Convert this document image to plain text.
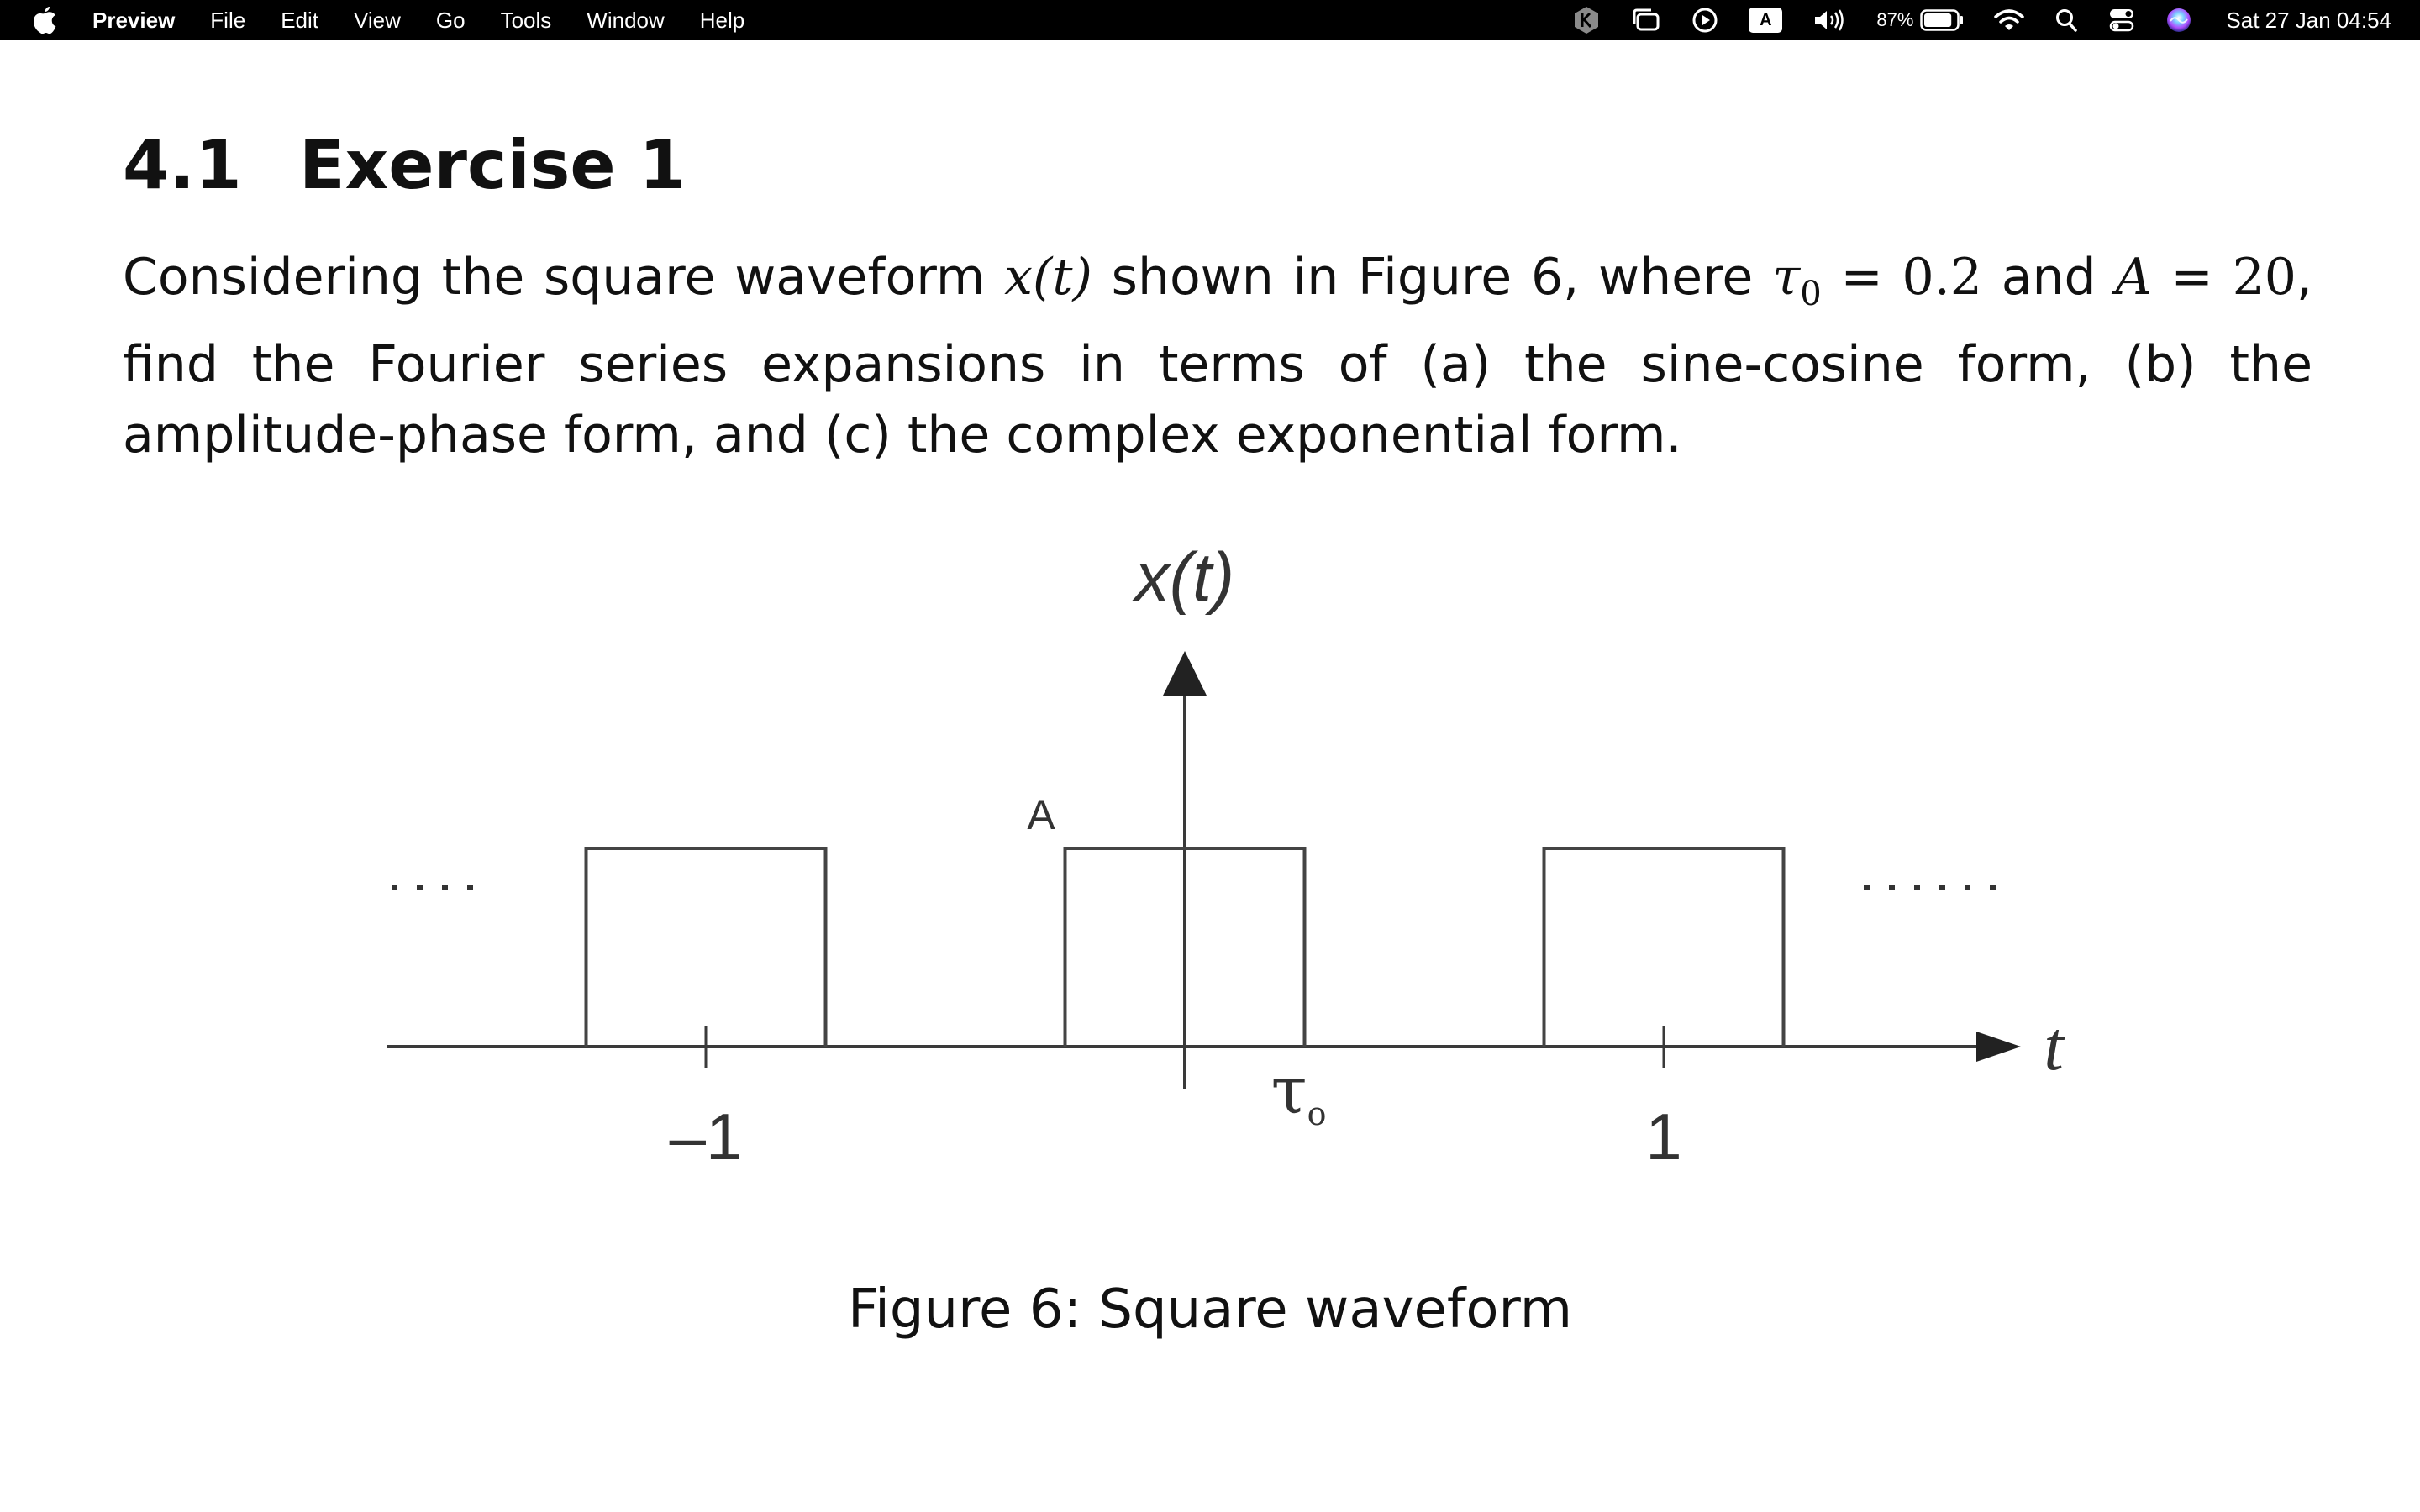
Preview File Edit View Go Tools Window Help	A	87%	Sat 27 Jan 04:54
4.1 Exercise 1

Considering the square waveform x(t) shown in Figure 6, where $\tau_0 = 0.2$ and A = 20, find the Fourier series expansions in terms of (a) the sine-cosine form, (b) the amplitude-phase form, and (c) the complex exponential form.

x(t)
t
A
τo
–1	1

Figure 6: Square waveform
